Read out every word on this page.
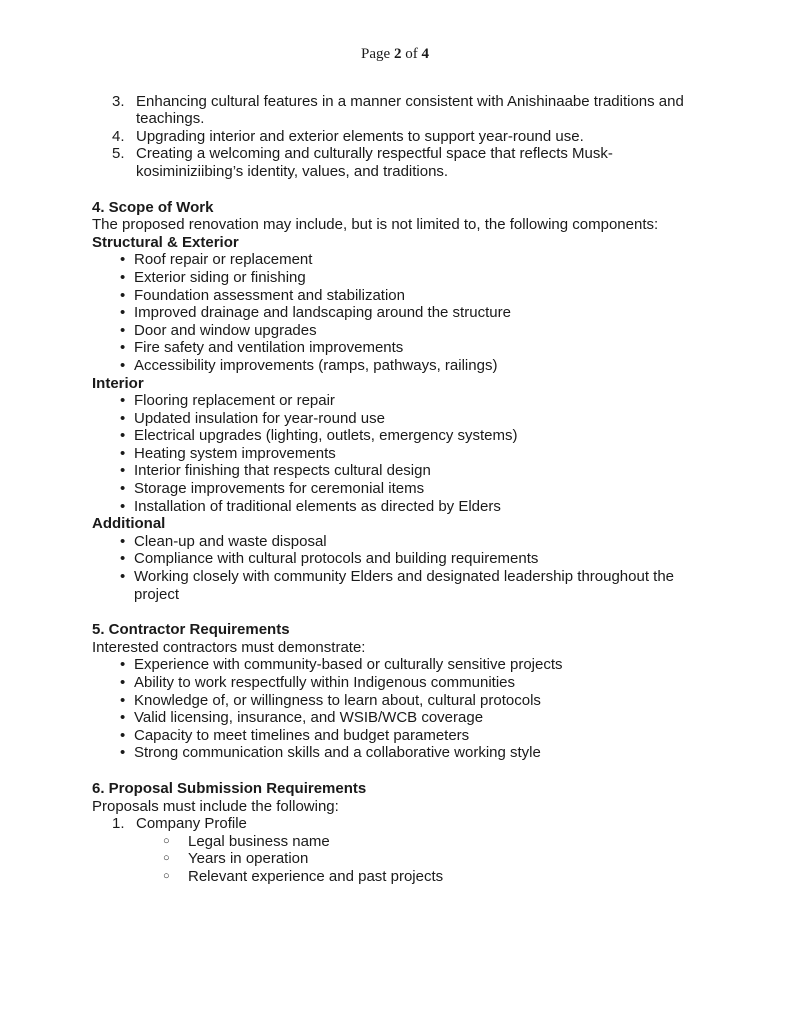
Page 2 of 4
3. Enhancing cultural features in a manner consistent with Anishinaabe traditions and teachings.
4. Upgrading interior and exterior elements to support year-round use.
5. Creating a welcoming and culturally respectful space that reflects Musk-kosiminiziibing’s identity, values, and traditions.
4. Scope of Work
The proposed renovation may include, but is not limited to, the following components:
Structural & Exterior
• Roof repair or replacement
• Exterior siding or finishing
• Foundation assessment and stabilization
• Improved drainage and landscaping around the structure
• Door and window upgrades
• Fire safety and ventilation improvements
• Accessibility improvements (ramps, pathways, railings)
Interior
• Flooring replacement or repair
• Updated insulation for year-round use
• Electrical upgrades (lighting, outlets, emergency systems)
• Heating system improvements
• Interior finishing that respects cultural design
• Storage improvements for ceremonial items
• Installation of traditional elements as directed by Elders
Additional
• Clean-up and waste disposal
• Compliance with cultural protocols and building requirements
• Working closely with community Elders and designated leadership throughout the project
5. Contractor Requirements
Interested contractors must demonstrate:
• Experience with community-based or culturally sensitive projects
• Ability to work respectfully within Indigenous communities
• Knowledge of, or willingness to learn about, cultural protocols
• Valid licensing, insurance, and WSIB/WCB coverage
• Capacity to meet timelines and budget parameters
• Strong communication skills and a collaborative working style
6. Proposal Submission Requirements
Proposals must include the following:
1. Company Profile
○ Legal business name
○ Years in operation
○ Relevant experience and past projects
